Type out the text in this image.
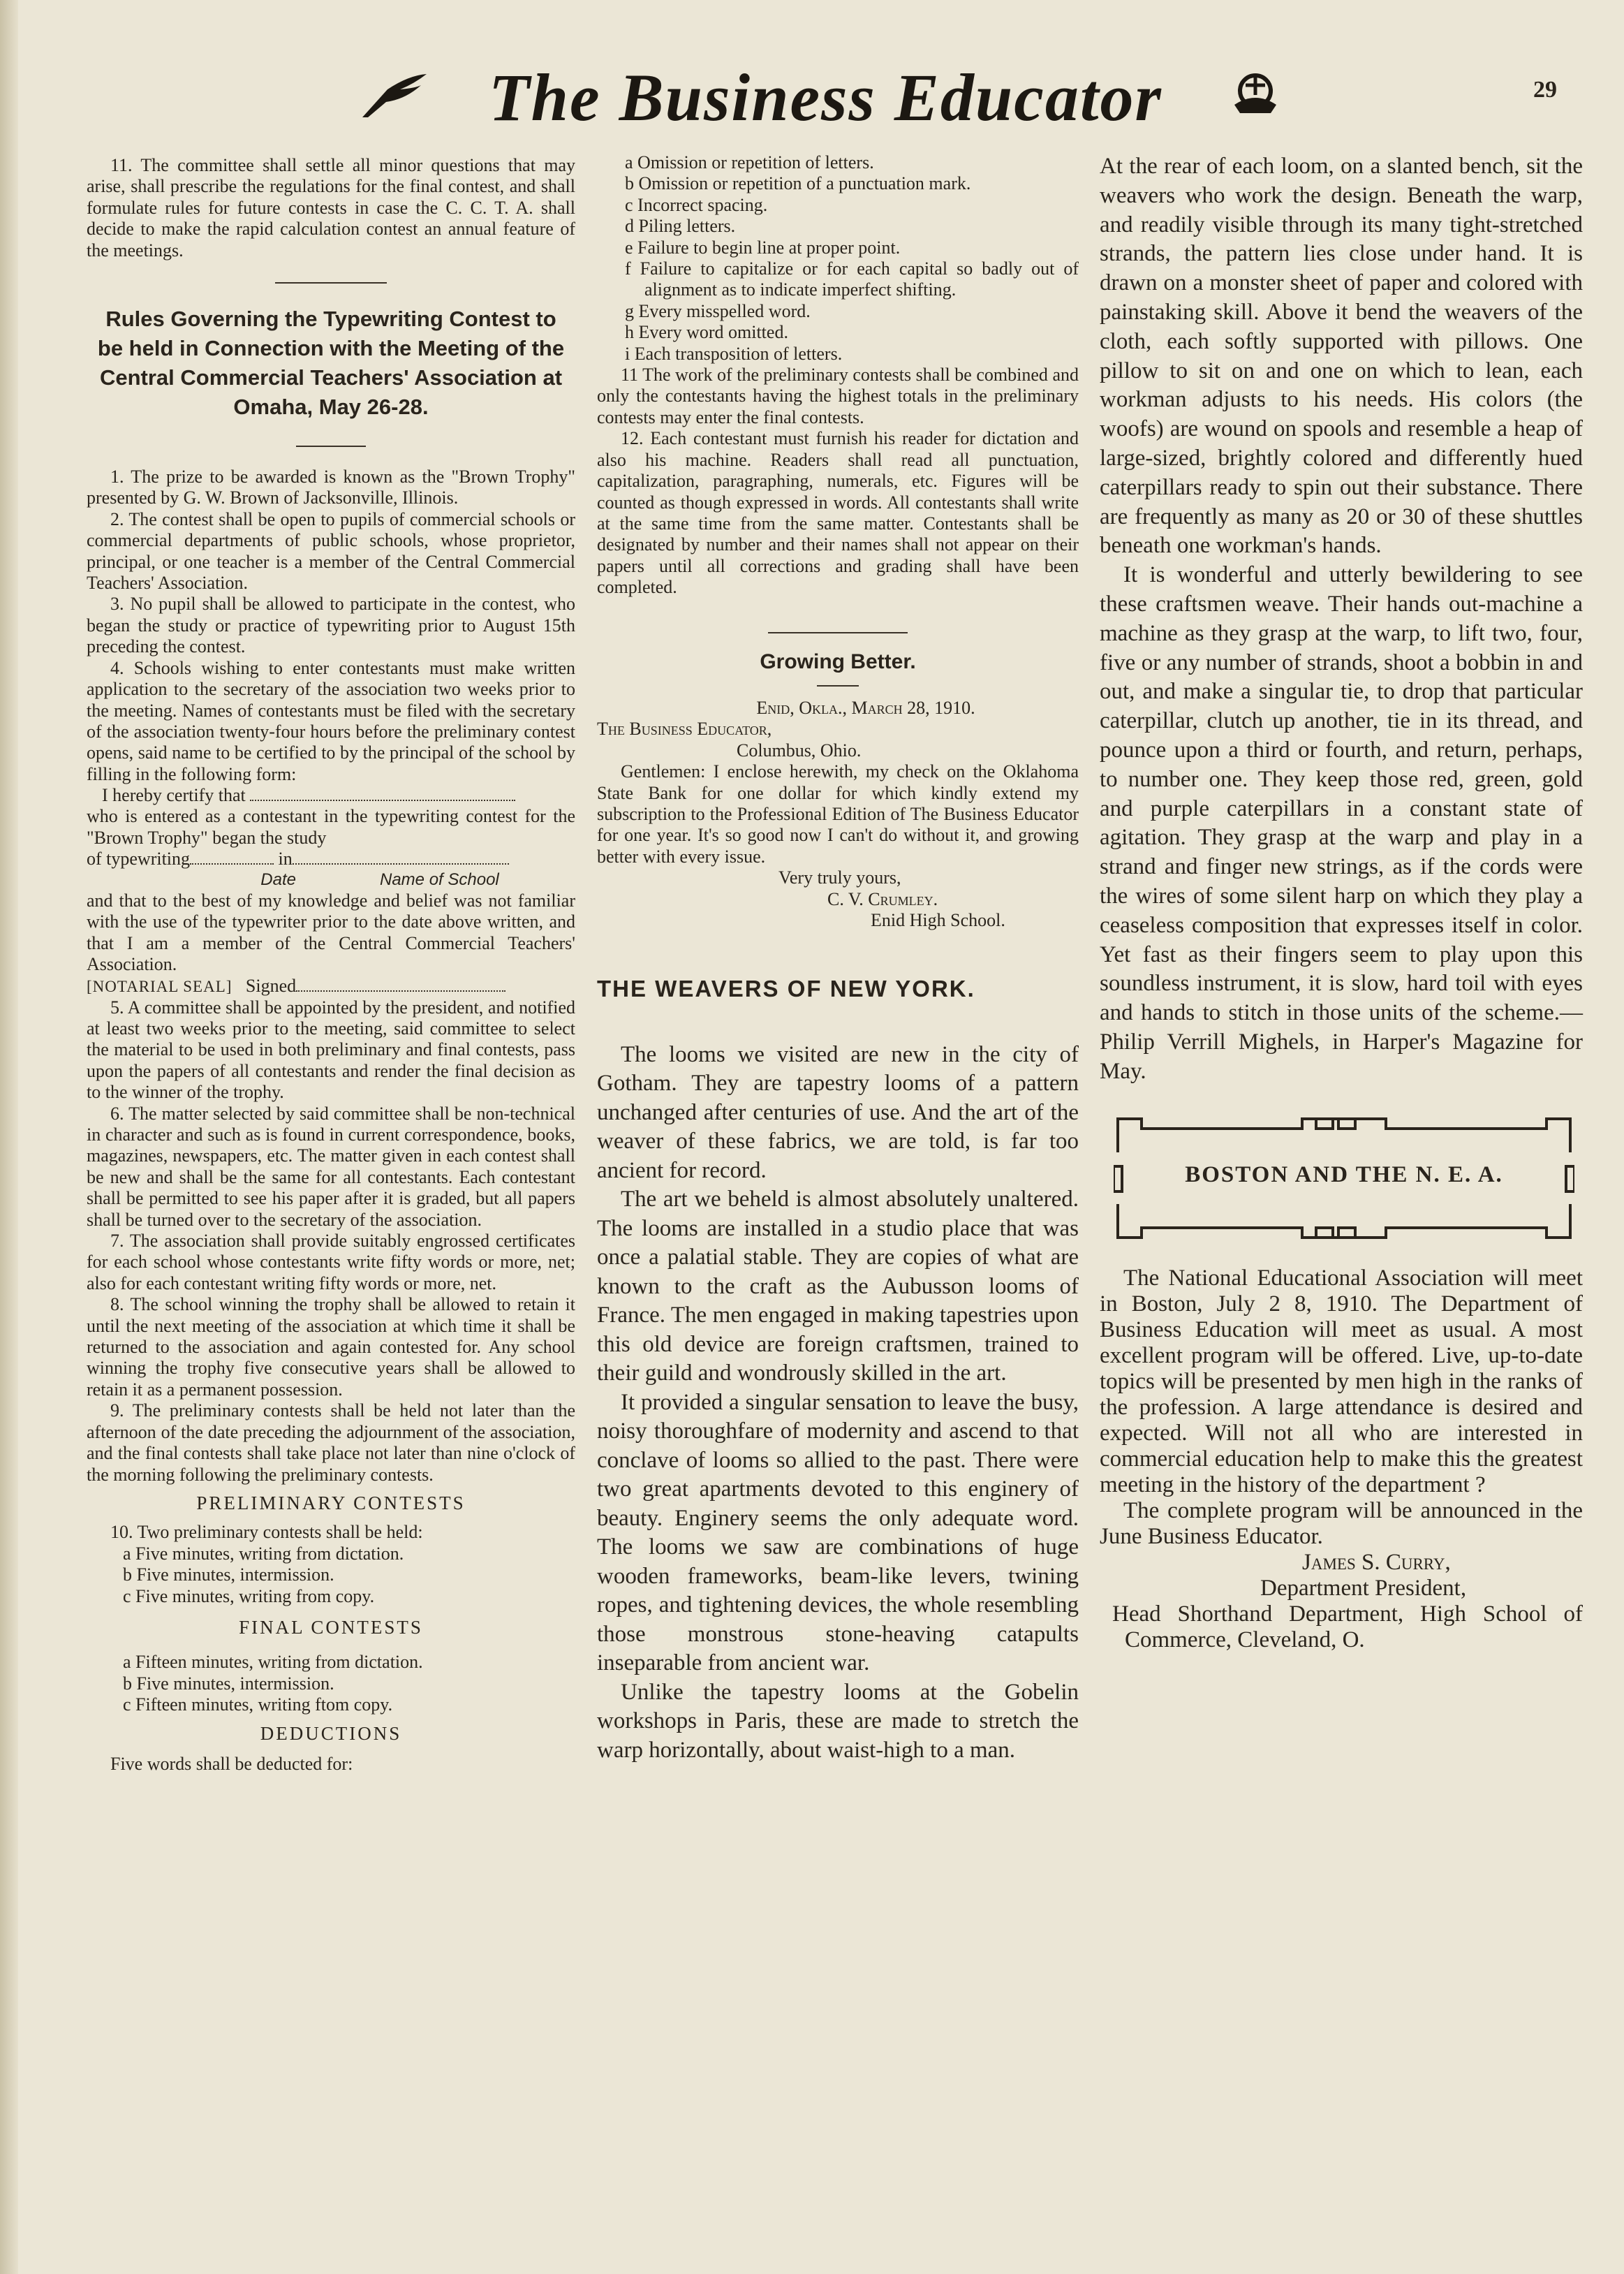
The Business Educator	29

11. The committee shall settle all minor questions that may arise, shall prescribe the regulations for the final contest, and shall formulate rules for future contests in case the C. C. T. A. shall decide to make the rapid calculation contest an annual feature of the meetings.

Rules Governing the Typewriting Contest to be held in Connection with the Meeting of the Central Commercial Teachers' Association at Omaha, May 26-28.

1. The prize to be awarded is known as the "Brown Trophy" presented by G. W. Brown of Jacksonville, Illinois.

2. The contest shall be open to pupils of commercial schools or commercial departments of public schools, whose proprietor, principal, or one teacher is a member of the Central Commercial Teachers' Association.

3. No pupil shall be allowed to participate in the contest, who began the study or practice of typewriting prior to August 15th preceding the contest.

4. Schools wishing to enter contestants must make written application to the secretary of the association two weeks prior to the meeting. Names of contestants must be filed with the secretary of the association twenty-four hours before the preliminary contest opens, said name to be certified to by the principal of the school by filling in the following form:

I hereby certify that

who is entered as a contestant in the typewriting contest for the "Brown Trophy" began the study

of typewriting	in
Date	Name of School

and that to the best of my knowledge and belief was not familiar with the use of the typewriter prior to the date above written, and that I am a member of the Central Commercial Teachers' Association.

[NOTARIAL SEAL] Signed

5. A committee shall be appointed by the president, and notified at least two weeks prior to the meeting, said committee to select the material to be used in both preliminary and final contests, pass upon the papers of all contestants and render the final decision as to the winner of the trophy.

6. The matter selected by said committee shall be non-technical in character and such as is found in current correspondence, books, magazines, newspapers, etc. The matter given in each contest shall be new and shall be the same for all contestants. Each contestant shall be permitted to see his paper after it is graded, but all papers shall be turned over to the secretary of the association.

7. The association shall provide suitably engrossed certificates for each school whose contestants write fifty words or more, net; also for each contestant writing fifty words or more, net.

8. The school winning the trophy shall be allowed to retain it until the next meeting of the association at which time it shall be returned to the association and again contested for. Any school winning the trophy five consecutive years shall be allowed to retain it as a permanent possession.

9. The preliminary contests shall be held not later than the afternoon of the date preceding the adjournment of the association, and the final contests shall take place not later than nine o'clock of the morning following the preliminary contests.

PRELIMINARY CONTESTS

10. Two preliminary contests shall be held:

a Five minutes, writing from dictation.

b Five minutes, intermission.

c Five minutes, writing from copy.

FINAL CONTESTS

a Fifteen minutes, writing from dictation.

b Five minutes, intermission.

c Fifteen minutes, writing ftom copy.

DEDUCTIONS

Five words shall be deducted for:

a Omission or repetition of letters.

b Omission or repetition of a punctuation mark.

c Incorrect spacing.

d Piling letters.

e Failure to begin line at proper point.

f Failure to capitalize or for each capital so badly out of alignment as to indicate imperfect shifting.

g Every misspelled word.

h Every word omitted.

i Each transposition of letters.

11 The work of the preliminary contests shall be combined and only the contestants having the highest totals in the preliminary contests may enter the final contests.

12. Each contestant must furnish his reader for dictation and also his machine. Readers shall read all punctuation, capitalization, paragraphing, numerals, etc. Figures will be counted as though expressed in words. All contestants shall write at the same time from the same matter. Contestants shall be designated by number and their names shall not appear on their papers until all corrections and grading shall have been completed.

Growing Better.

Enid, Okla., March 28, 1910.

The Business Educator,

Columbus, Ohio.

Gentlemen: I enclose herewith, my check on the Oklahoma State Bank for one dollar for which kindly extend my subscription to the Professional Edition of The Business Educator for one year. It's so good now I can't do without it, and growing better with every issue.

Very truly yours,

C. V. Crumley.

Enid High School.

THE WEAVERS OF NEW YORK.

The looms we visited are new in the city of Gotham. They are tapestry looms of a pattern unchanged after centuries of use. And the art of the weaver of these fabrics, we are told, is far too ancient for record.

The art we beheld is almost absolutely unaltered. The looms are installed in a studio place that was once a palatial stable. They are copies of what are known to the craft as the Aubusson looms of France. The men engaged in making tapestries upon this old device are foreign craftsmen, trained to their guild and wondrously skilled in the art.

It provided a singular sensation to leave the busy, noisy thoroughfare of modernity and ascend to that conclave of looms so allied to the past. There were two great apartments devoted to this enginery of beauty. Enginery seems the only adequate word. The looms we saw are combinations of huge wooden frameworks, beam-like levers, twining ropes, and tightening devices, the whole resembling those monstrous stone-heaving catapults inseparable from ancient war.

Unlike the tapestry looms at the Gobelin workshops in Paris, these are made to stretch the warp horizontally, about waist-high to a man.

At the rear of each loom, on a slanted bench, sit the weavers who work the design. Beneath the warp, and readily visible through its many tight-stretched strands, the pattern lies close under hand. It is drawn on a monster sheet of paper and colored with painstaking skill. Above it bend the weavers of the cloth, each softly supported with pillows. One pillow to sit on and one on which to lean, each workman adjusts to his needs. His colors (the woofs) are wound on spools and resemble a heap of large-sized, brightly colored and differently hued caterpillars ready to spin out their substance. There are frequently as many as 20 or 30 of these shuttles beneath one workman's hands.

It is wonderful and utterly bewildering to see these craftsmen weave. Their hands out-machine a machine as they grasp at the warp, to lift two, four, five or any number of strands, shoot a bobbin in and out, and make a singular tie, to drop that particular caterpillar, clutch up another, tie in its thread, and pounce upon a third or fourth, and return, perhaps, to number one. They keep those red, green, gold and purple caterpillars in a constant state of agitation. They grasp at the warp and play in a strand and finger new strings, as if the cords were the wires of some silent harp on which they play a ceaseless composition that expresses itself in color. Yet fast as their fingers seem to play upon this soundless instrument, it is slow, hard toil with eyes and hands to stitch in those units of the scheme.—Philip Verrill Mighels, in Harper's Magazine for May.

BOSTON AND THE N. E. A.

The National Educational Association will meet in Boston, July 2 8, 1910. The Department of Business Education will meet as usual. A most excellent program will be offered. Live, up-to-date topics will be presented by men high in the ranks of the profession. A large attendance is desired and expected. Will not all who are interested in commercial education help to make this the greatest meeting in the history of the department ?

The complete program will be announced in the June Business Educator.

James S. Curry,

Department President,

Head Shorthand Department, High School of Commerce, Cleveland, O.
